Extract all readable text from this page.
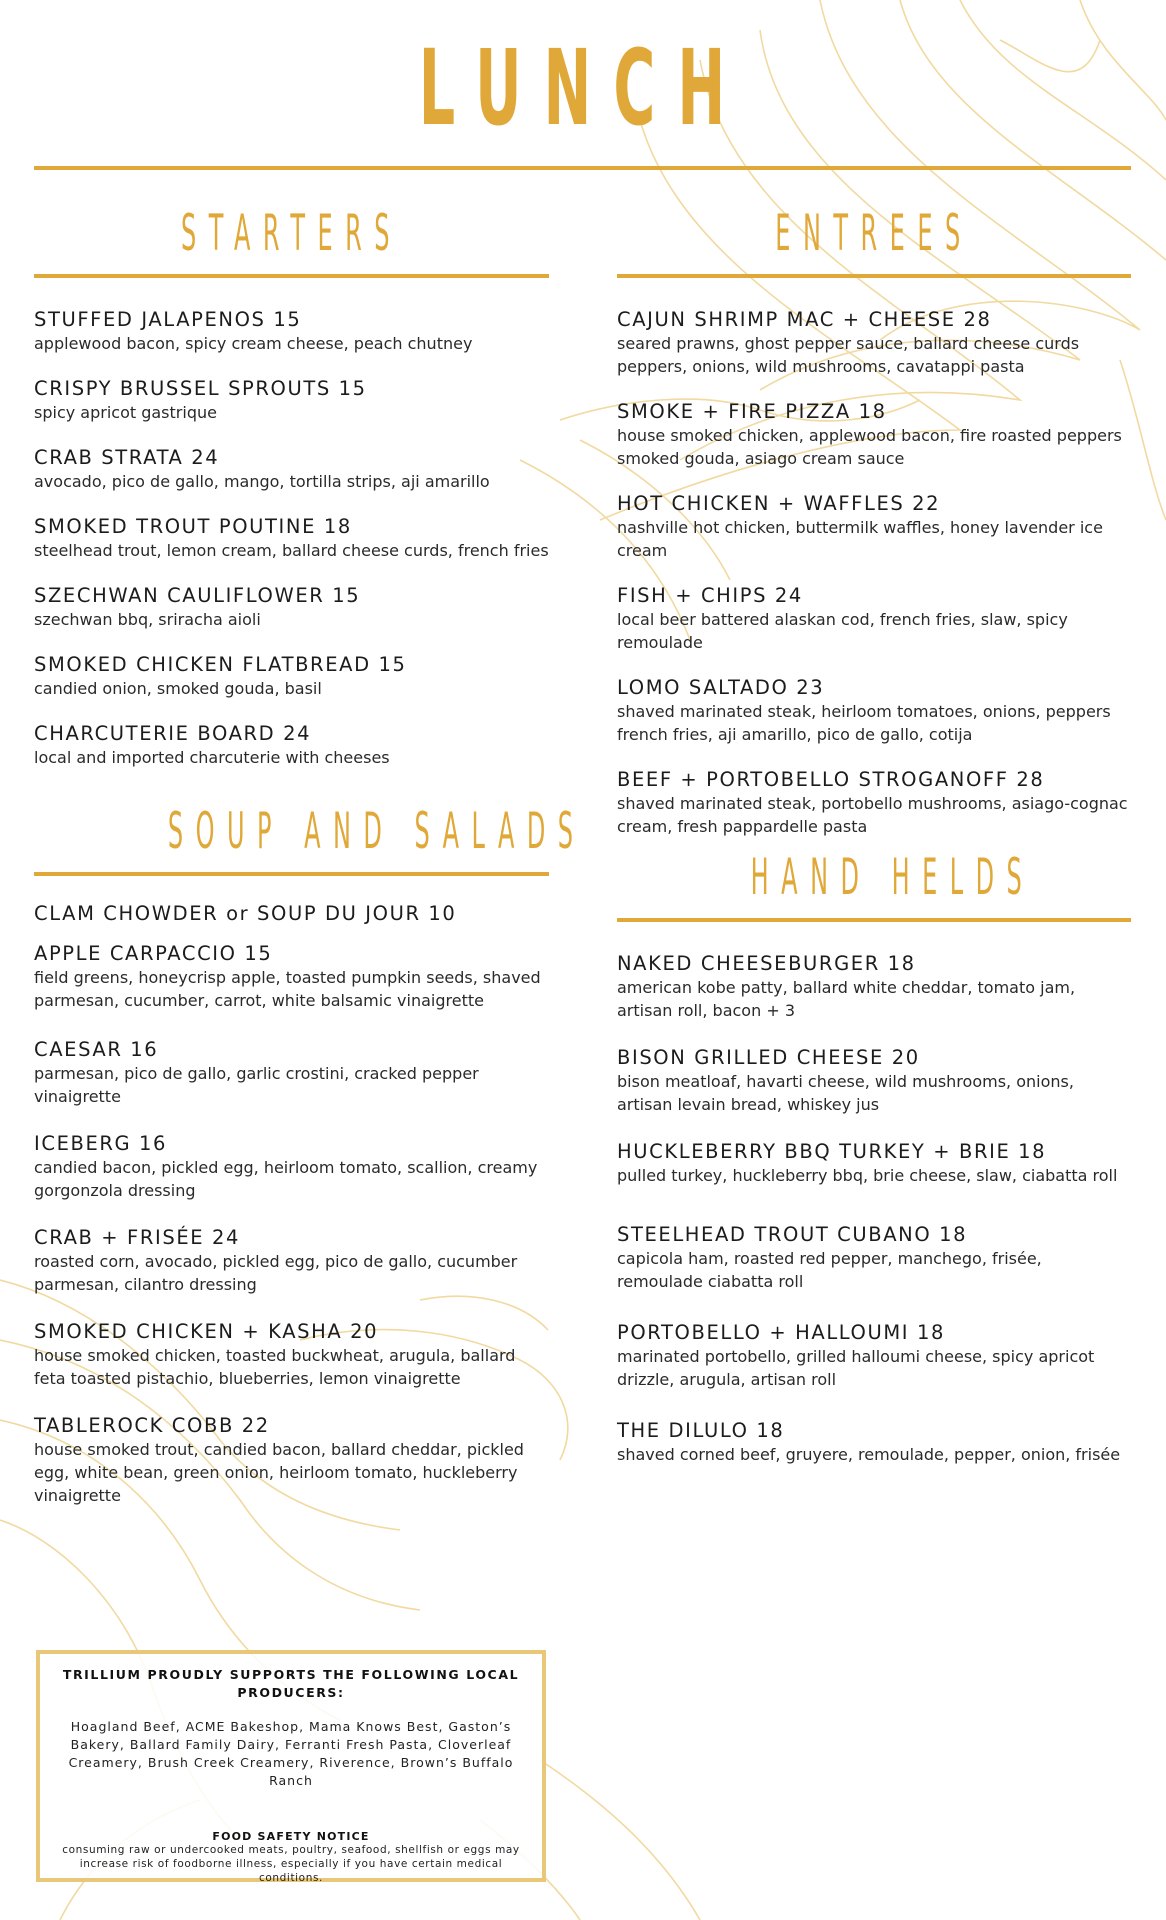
LUNCH
STARTERS
STUFFED JALAPENOS 15
applewood bacon, spicy cream cheese, peach chutney
CRISPY BRUSSEL SPROUTS 15
spicy apricot gastrique
CRAB STRATA 24
avocado, pico de gallo, mango, tortilla strips, aji amarillo
SMOKED TROUT POUTINE 18
steelhead trout, lemon cream, ballard cheese curds, french fries
SZECHWAN CAULIFLOWER 15
szechwan bbq, sriracha aioli
SMOKED CHICKEN FLATBREAD 15
candied onion, smoked gouda, basil
CHARCUTERIE BOARD 24
local and imported charcuterie with cheeses
SOUP AND SALADS
CLAM CHOWDER or SOUP DU JOUR 10
APPLE CARPACCIO 15
field greens, honeycrisp apple, toasted pumpkin seeds, shaved parmesan, cucumber, carrot, white balsamic vinaigrette
CAESAR 16
parmesan, pico de gallo, garlic crostini, cracked pepper vinaigrette
ICEBERG 16
candied bacon, pickled egg, heirloom tomato, scallion, creamy gorgonzola dressing
CRAB + FRISÉE 24
roasted corn, avocado, pickled egg, pico de gallo, cucumber parmesan, cilantro dressing
SMOKED CHICKEN + KASHA 20
house smoked chicken, toasted buckwheat, arugula, ballard feta toasted pistachio, blueberries, lemon vinaigrette
TABLEROCK COBB 22
house smoked trout, candied bacon, ballard cheddar, pickled egg, white bean, green onion, heirloom tomato, huckleberry vinaigrette
ENTREES
CAJUN SHRIMP MAC + CHEESE 28
seared prawns, ghost pepper sauce, ballard cheese curds peppers, onions, wild mushrooms, cavatappi pasta
SMOKE + FIRE PIZZA 18
house smoked chicken, applewood bacon, fire roasted peppers smoked gouda, asiago cream sauce
HOT CHICKEN + WAFFLES 22
nashville hot chicken, buttermilk waffles, honey lavender ice cream
FISH + CHIPS 24
local beer battered alaskan cod, french fries, slaw, spicy remoulade
LOMO SALTADO 23
shaved marinated steak, heirloom tomatoes, onions, peppers french fries, aji amarillo, pico de gallo, cotija
BEEF + PORTOBELLO STROGANOFF 28
shaved marinated steak, portobello mushrooms, asiago-cognac cream, fresh pappardelle pasta
HAND HELDS
NAKED CHEESEBURGER 18
american kobe patty, ballard white cheddar, tomato jam, artisan roll, bacon + 3
BISON GRILLED CHEESE 20
bison meatloaf, havarti cheese, wild mushrooms, onions, artisan levain bread, whiskey jus
HUCKLEBERRY BBQ TURKEY + BRIE 18
pulled turkey, huckleberry bbq, brie cheese, slaw, ciabatta roll
STEELHEAD TROUT CUBANO 18
capicola ham, roasted red pepper, manchego, frisée, remoulade ciabatta roll
PORTOBELLO + HALLOUMI 18
marinated portobello, grilled halloumi cheese, spicy apricot drizzle, arugula, artisan roll
THE DILULO 18
shaved corned beef, gruyere, remoulade, pepper, onion, frisée
TRILLIUM PROUDLY SUPPORTS THE FOLLOWING LOCAL PRODUCERS:
Hoagland Beef, ACME Bakeshop, Mama Knows Best, Gaston’s Bakery, Ballard Family Dairy, Ferranti Fresh Pasta, Cloverleaf Creamery, Brush Creek Creamery, Riverence, Brown’s Buffalo Ranch
FOOD SAFETY NOTICE
consuming raw or undercooked meats, poultry, seafood, shellfish or eggs may increase risk of foodborne illness, especially if you have certain medical conditions.
